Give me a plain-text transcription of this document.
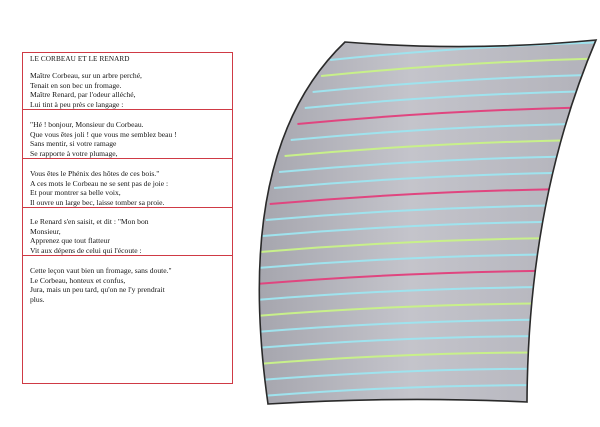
LE CORBEAU ET LE RENARD
Maître Corbeau, sur un arbre perché,
Tenait en son bec un fromage.
Maître Renard, par l'odeur alléché,
Lui tint à peu près ce langage :
"Hé ! bonjour, Monsieur du Corbeau.
Que vous êtes joli ! que vous me semblez beau !
Sans mentir, si votre ramage
Se rapporte à votre plumage,
Vous êtes le Phénix des hôtes de ces bois."
A ces mots le Corbeau ne se sent pas de joie :
Et pour montrer sa belle voix,
Il ouvre un large bec, laisse tomber sa proie.
Le Renard s'en saisit, et dit : "Mon bon
Monsieur,
Apprenez que tout flatteur
Vit aux dépens de celui qui l'écoute :
Cette leçon vaut bien un fromage, sans doute."
Le Corbeau, honteux et confus,
Jura, mais un peu tard, qu'on ne l'y prendrait
plus.
